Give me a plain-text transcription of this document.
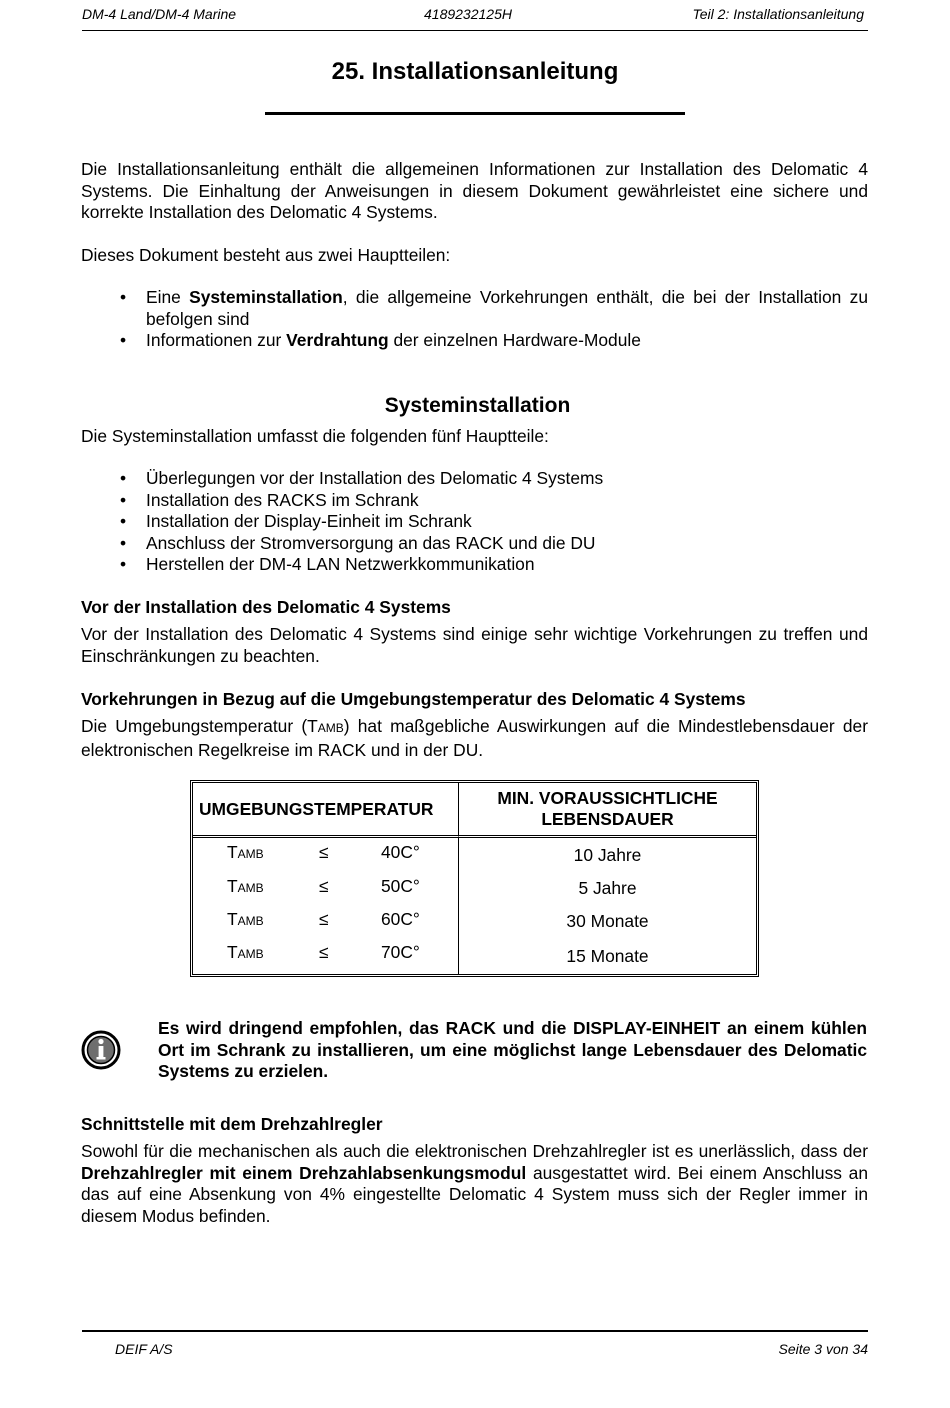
DM-4 Land/DM-4 Marine	4189232125H	Teil 2: Installationsanleitung
25. Installationsanleitung

Die Installationsanleitung enthält die allgemeinen Informationen zur Installation des Delomatic 4 Systems. Die Einhaltung der Anweisungen in diesem Dokument gewährleistet eine sichere und korrekte Installation des Delomatic 4 Systems.

Dieses Dokument besteht aus zwei Hauptteilen:

• Eine Systeminstallation, die allgemeine Vorkehrungen enthält, die bei der Installation zu befolgen sind
• Informationen zur Verdrahtung der einzelnen Hardware-Module
Systeminstallation

Die Systeminstallation umfasst die folgenden fünf Hauptteile:

• Überlegungen vor der Installation des Delomatic 4 Systems
• Installation des RACKS im Schrank
• Installation der Display-Einheit im Schrank
• Anschluss der Stromversorgung an das RACK und die DU
• Herstellen der DM-4 LAN Netzwerkkommunikation
Vor der Installation des Delomatic 4 Systems

Vor der Installation des Delomatic 4 Systems sind einige sehr wichtige Vorkehrungen zu treffen und Einschränkungen zu beachten.

Vorkehrungen in Bezug auf die Umgebungstemperatur des Delomatic 4 Systems

Die Umgebungstemperatur (TAMB) hat maßgebliche Auswirkungen auf die Mindestlebensdauer der elektronischen Regelkreise im RACK und in der DU.

UMGEBUNGSTEMPERATUR	MIN. VORAUSSICHTLICHE
LEBENSDAUER

TAMB ≤ 40C°	10 Jahre

TAMB ≤ 50C°	5 Jahre

TAMB ≤ 60C°	30 Monate

TAMB ≤ 70C°	15 Monate

Es wird dringend empfohlen, das RACK und die DISPLAY-EINHEIT an einem kühlen Ort im Schrank zu installieren, um eine möglichst lange Lebensdauer des Delomatic Systems zu erzielen.

Schnittstelle mit dem Drehzahlregler

Sowohl für die mechanischen als auch die elektronischen Drehzahlregler ist es unerlässlich, dass der Drehzahlregler mit einem Drehzahlabsenkungsmodul ausgestattet wird. Bei einem Anschluss an das auf eine Absenkung von 4% eingestellte Delomatic 4 System muss sich der Regler immer in diesem Modus befinden.

DEIF A/S	Seite 3 von 34
